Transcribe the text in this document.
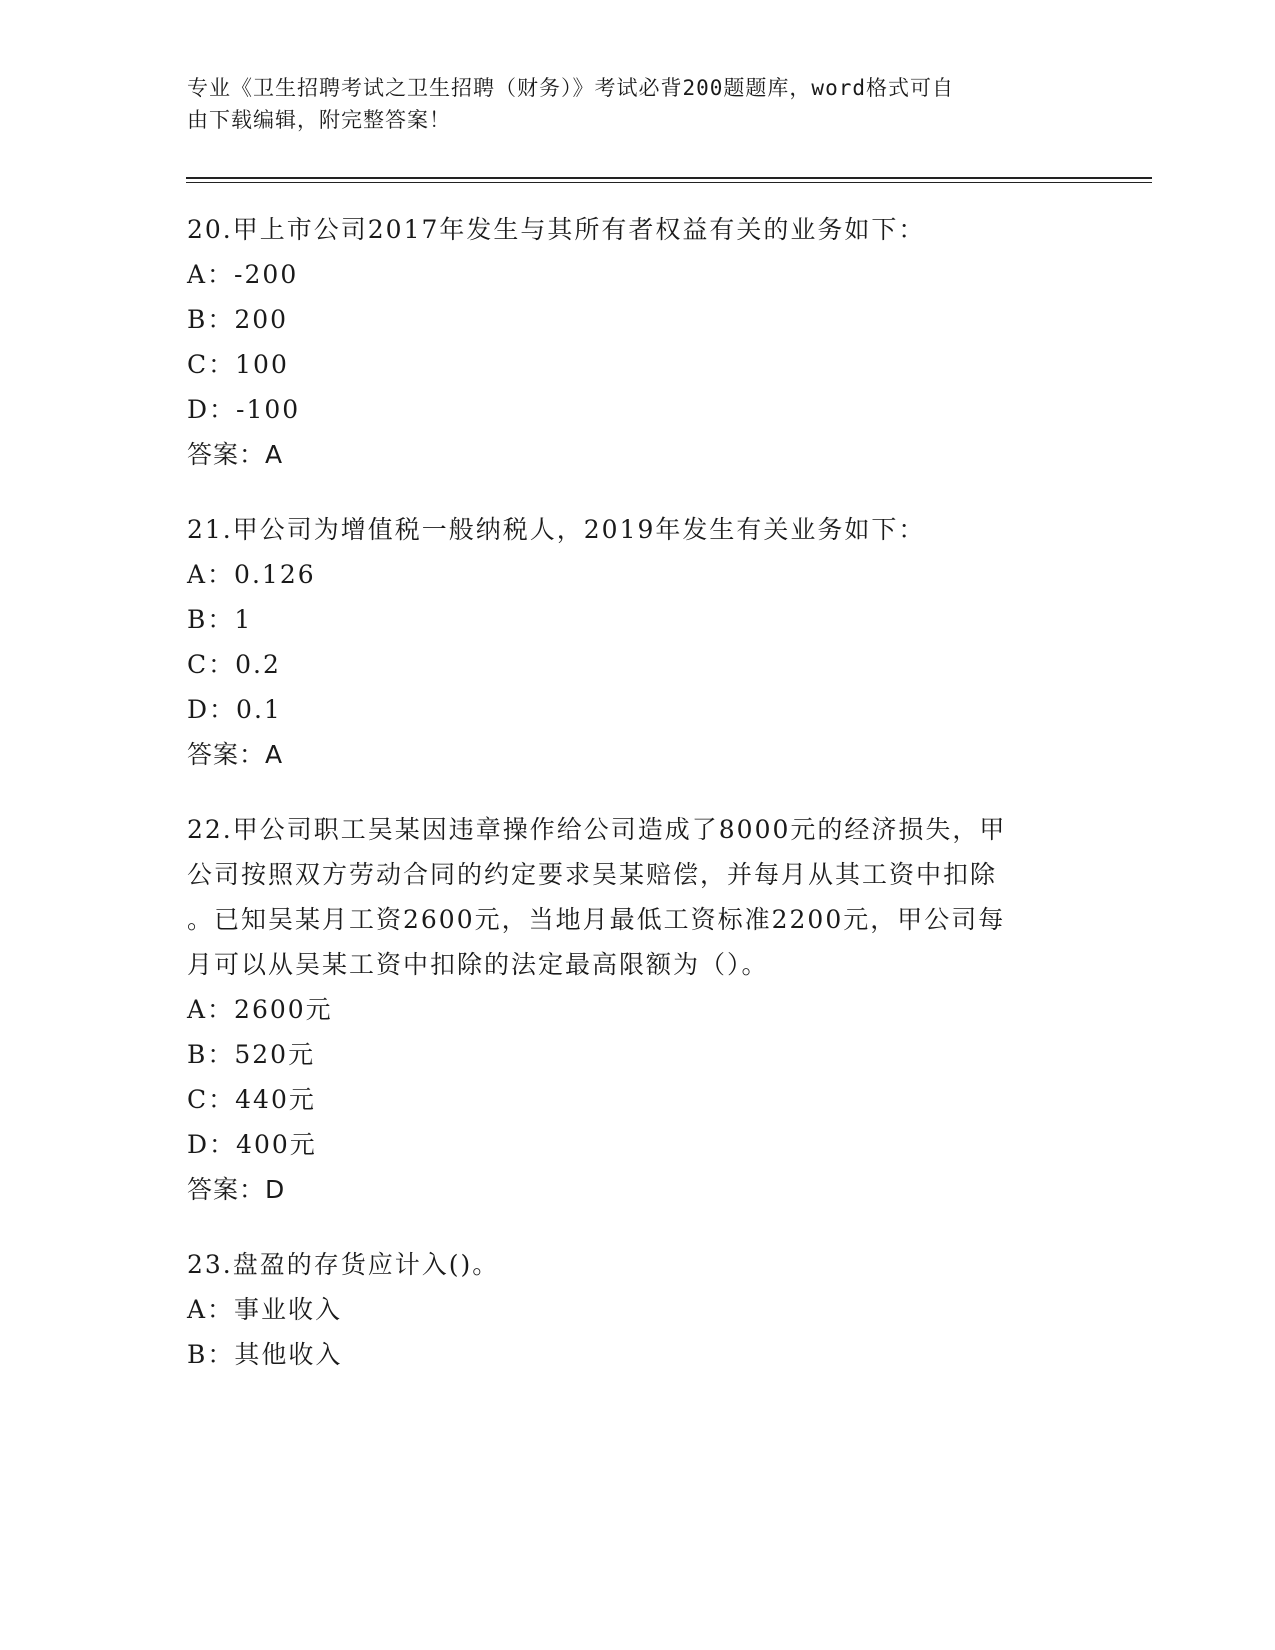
专业《卫生招聘考试之卫生招聘（财务）》考试必背200题题库，word格式可自
由下载编辑，附完整答案！

20.甲上市公司2017年发生与其所有者权益有关的业务如下：

A：-200

B：200

C：100

D：-100

答案：A

21.甲公司为增值税一般纳税人，2019年发生有关业务如下：

A：0.126

B：1

C：0.2

D：0.1

答案：A

22.甲公司职工吴某因违章操作给公司造成了8000元的经济损失，甲

公司按照双方劳动合同的约定要求吴某赔偿，并每月从其工资中扣除

。已知吴某月工资2600元，当地月最低工资标准2200元，甲公司每

月可以从吴某工资中扣除的法定最高限额为（）。

A：2600元

B：520元

C：440元

D：400元

答案：D

23.盘盈的存货应计入()。

A：事业收入

B：其他收入
